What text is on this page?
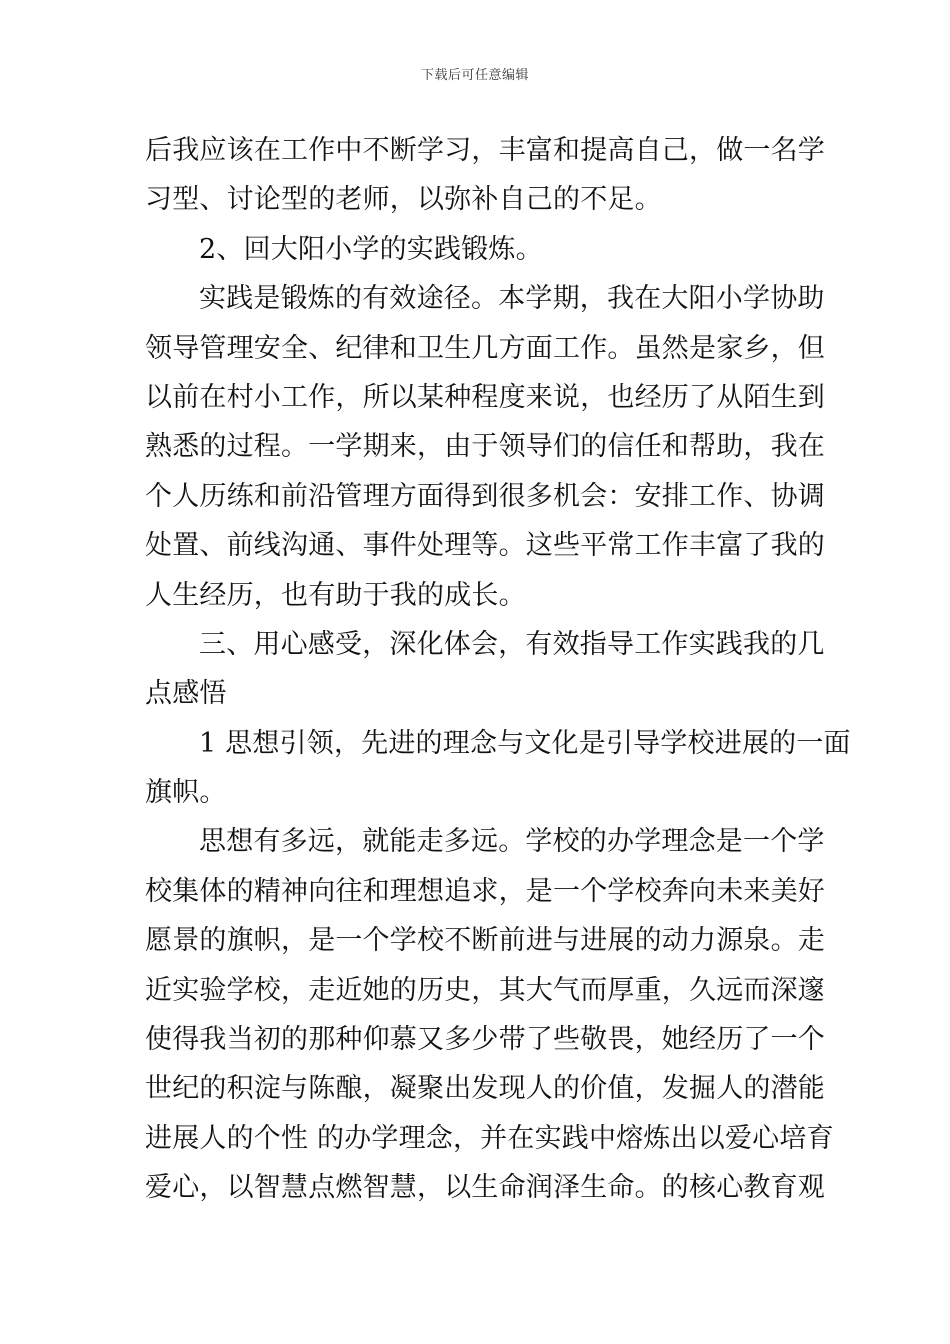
下载后可任意编辑
后我应该在工作中不断学习，丰富和提高自己，做一名学
习型、讨论型的老师，以弥补自己的不足。
2、回大阳小学的实践锻炼。
实践是锻炼的有效途径。本学期，我在大阳小学协助
领导管理安全、纪律和卫生几方面工作。虽然是家乡，但
以前在村小工作，所以某种程度来说，也经历了从陌生到
熟悉的过程。一学期来，由于领导们的信任和帮助，我在
个人历练和前沿管理方面得到很多机会：安排工作、协调
处置、前线沟通、事件处理等。这些平常工作丰富了我的
人生经历，也有助于我的成长。
三、用心感受，深化体会，有效指导工作实践我的几
点感悟
1 思想引领，先进的理念与文化是引导学校进展的一面
旗帜。
思想有多远，就能走多远。学校的办学理念是一个学
校集体的精神向往和理想追求，是一个学校奔向未来美好
愿景的旗帜，是一个学校不断前进与进展的动力源泉。走
近实验学校，走近她的历史，其大气而厚重，久远而深邃
使得我当初的那种仰慕又多少带了些敬畏，她经历了一个
世纪的积淀与陈酿，凝聚出发现人的价值，发掘人的潜能
进展人的个性 的办学理念，并在实践中熔炼出以爱心培育
爱心，以智慧点燃智慧，以生命润泽生命。的核心教育观
